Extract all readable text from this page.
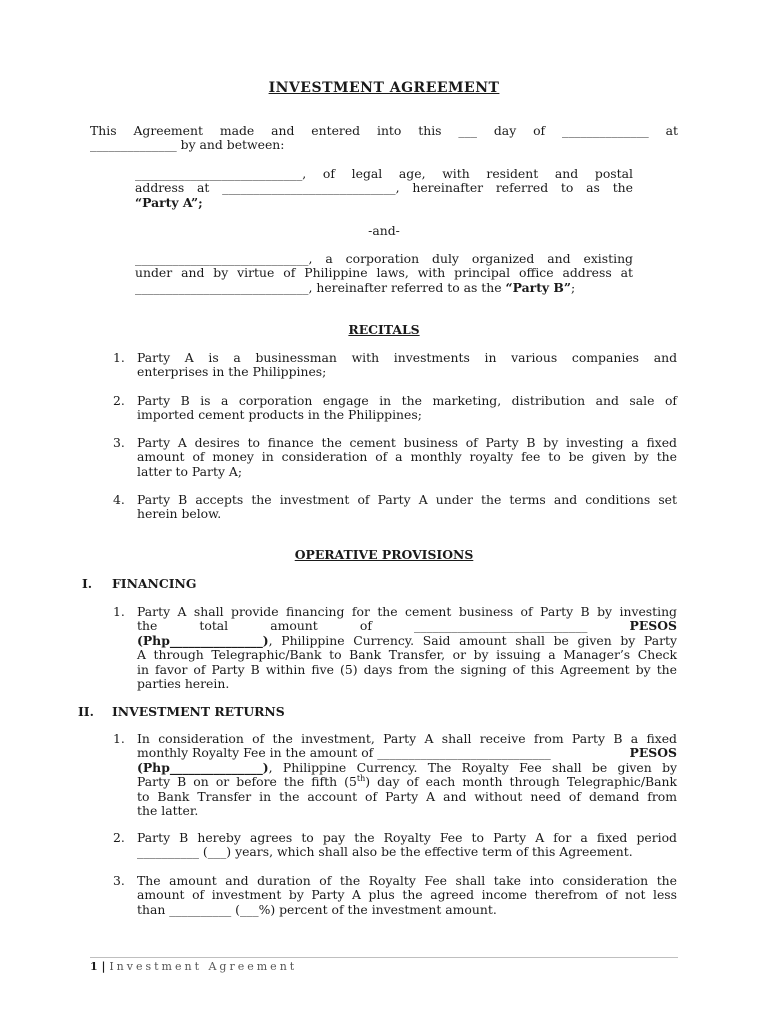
INVESTMENT AGREEMENT
This Agreement made and entered into this ___ day of ______________ at
______________ by and between:
___________________________, of legal age, with resident and postal
address at ____________________________, hereinafter referred to as the
“Party A”;
-and-
____________________________, a corporation duly organized and existing
under and by virtue of Philippine laws, with principal office address at
____________________________, hereinafter referred to as the “Party B”;
RECITALS
1. Party A is a businessman with investments in various companies and
enterprises in the Philippines;
2. Party B is a corporation engage in the marketing, distribution and sale of
imported cement products in the Philippines;
3. Party A desires to finance the cement business of Party B by investing a fixed
amount of money in consideration of a monthly royalty fee to be given by the
latter to Party A;
4. Party B accepts the investment of Party A under the terms and conditions set
herein below.
OPERATIVE PROVISIONS
I. FINANCING
1. Party A shall provide financing for the cement business of Party B by investing
the	total	amount	of	____________________________	PESOS
(Php_______________), Philippine Currency. Said amount shall be given by Party
A through Telegraphic/Bank to Bank Transfer, or by issuing a Manager’s Check
in favor of Party B within five (5) days from the signing of this Agreement by the
parties herein.
II. INVESTMENT RETURNS
1. In consideration of the investment, Party A shall receive from Party B a fixed
monthly Royalty Fee in the amount of ____________________________	PESOS
(Php_______________), Philippine Currency. The Royalty Fee shall be given by
Party B on or before the fifth (5th) day of each month through Telegraphic/Bank
to Bank Transfer in the account of Party A and without need of demand from
the latter.
2. Party B hereby agrees to pay the Royalty Fee to Party A for a fixed period
__________ (___) years, which shall also be the effective term of this Agreement.
3. The amount and duration of the Royalty Fee shall take into consideration the
amount of investment by Party A plus the agreed income therefrom of not less
than __________ (___%) percent of the investment amount.
1 | Investment Agreement
